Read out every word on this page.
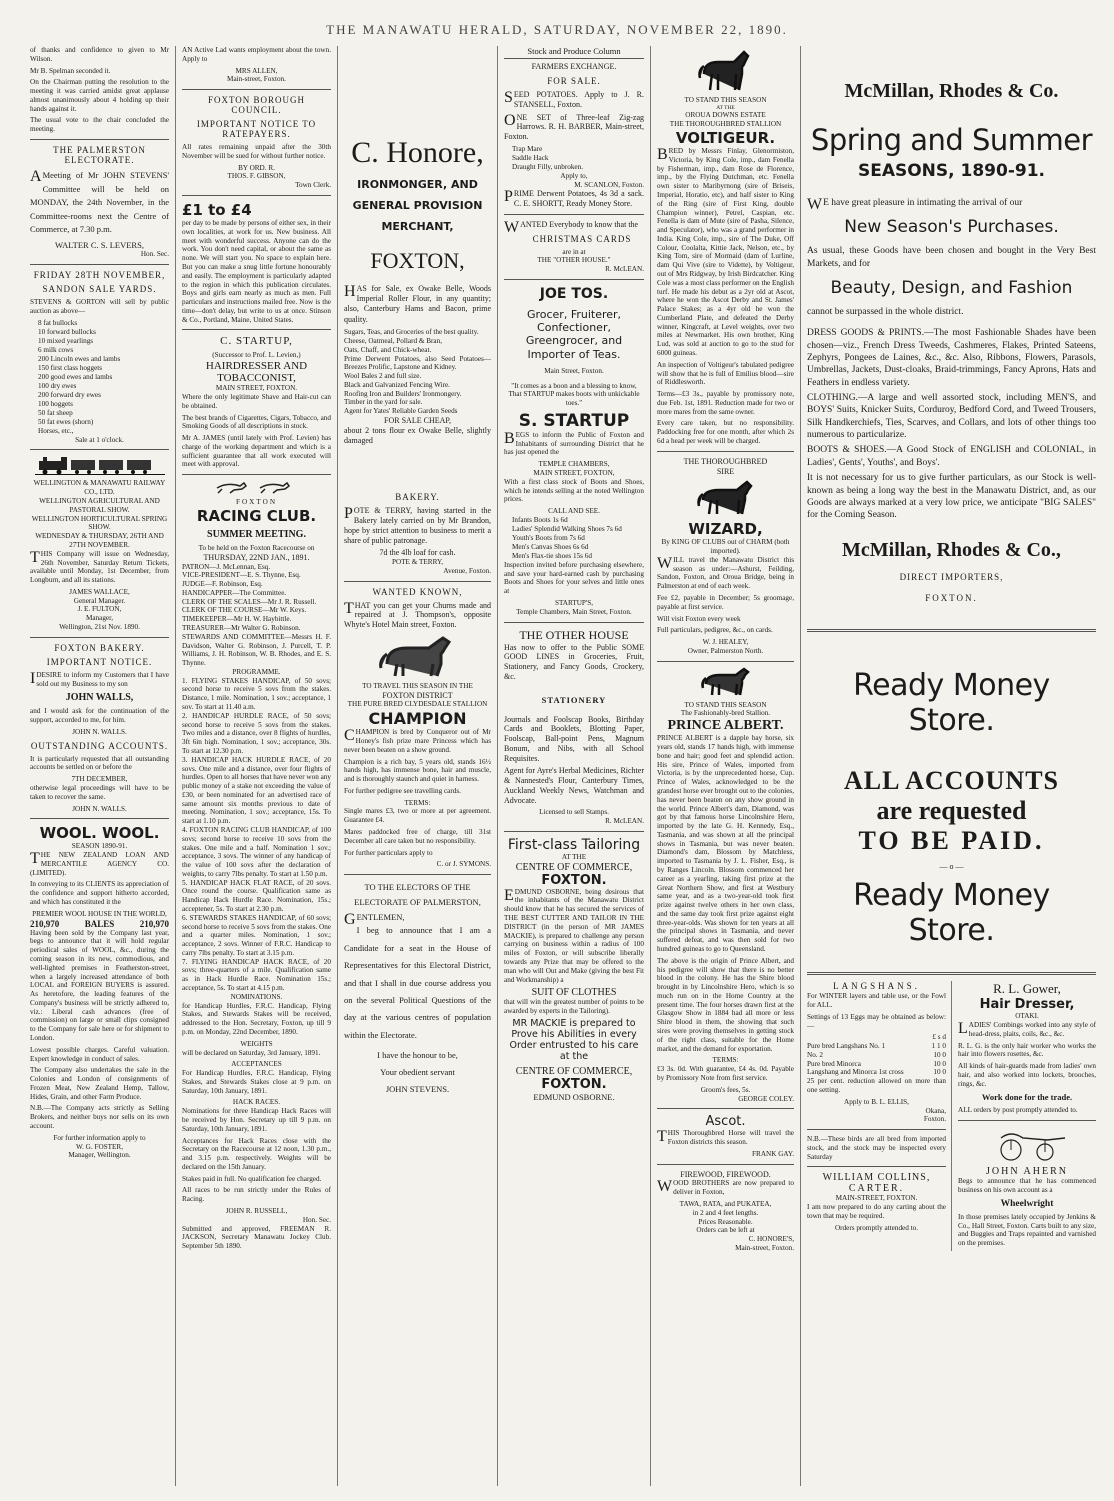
THE MANAWATU HERALD, SATURDAY, NOVEMBER 22, 1890.

of thanks and confidence to given to Mr Wilson.

Mr B. Spelman seconded it.

On the Chairman putting the resolution to the meeting it was carried amidst great applause almost unanimously about 4 holding up their hands against it.

The usual vote to the chair concluded the meeting.

THE PALMERSTON ELECTORATE.

AMeeting of Mr JOHN STEVENS' Committee will be held on MONDAY, the 24th November, in the Committee-rooms next the Centre of Commerce, at 7.30 p.m.

WALTER C. S. LEVERS,
Hon. Sec.
FRIDAY 28TH NOVEMBER,
SANDON SALE YARDS.

STEVENS & GORTON will sell by public auction as above—

8 fat bullocks
10 forward bullocks
10 mixed yearlings
6 milk cows
200 Lincoln ewes and lambs
150 first class hoggets
200 good ewes and lambs
100 dry ewes
200 forward dry ewes
100 hoggets
50 fat sheep
50 fat ewes (shorn)
Horses, etc.,
Sale at 1 o'clock.
WELLINGTON & MANAWATU RAILWAY CO., LTD.
WELLINGTON AGRICULTURAL AND PASTORAL SHOW.
WELLINGTON HORTICULTURAL SPRING SHOW.
WEDNESDAY & THURSDAY, 26TH AND 27TH NOVEMBER.

THIS Company will issue on Wednesday, 26th November, Saturday Return Tickets, available until Monday, 1st December, from Longburn, and all its stations.

JAMES WALLACE,
General Manager.
J. E. FULTON,
Manager,
Wellington, 21st Nov. 1890.
FOXTON BAKERY.
IMPORTANT NOTICE.

IDESIRE to inform my Customers that I have sold out my Business to my son

JOHN WALLS,

and I would ask for the continuation of the support, accorded to me, for him.

JOHN N. WALLS.
OUTSTANDING ACCOUNTS.

It is particularly requested that all outstanding accounts be settled on or before the

7TH DECEMBER,

otherwise legal proceedings will have to be taken to recover the same.

JOHN N. WALLS.
WOOL. WOOL.
SEASON 1890-91.

THE NEW ZEALAND LOAN AND MERCANTILE AGENCY CO. (LIMITED).

In conveying to its CLIENTS its appreciation of the confidence and support hitherto accorded, and which has constituted it the

PREMIER WOOL HOUSE IN THE WORLD,
210,970	BALES	210,970

Having been sold by the Company last year, begs to announce that it will hold regular periodical sales of WOOL, &c., during the coming season in its new, commodious, and well-lighted premises in Featherston-street, when a largely increased attendance of both LOCAL and FOREIGN BUYERS is assured. As heretofore, the leading features of the Company's business will be strictly adhered to, viz.: Liberal cash advances (free of commission) on large or small clips consigned to the Company for sale here or for shipment to London.

Lowest possible charges. Careful valuation. Expert knowledge in conduct of sales.

The Company also undertakes the sale in the Colonies and London of consignments of Frozen Meat, New Zealand Hemp, Tallow, Hides, Grain, and other Farm Produce.

N.B.—The Company acts strictly as Selling Brokers, and neither buys nor sells on its own account.

For further information apply to
W. G. FOSTER,
Manager, Wellington.

AN Active Lad wants employment about the town. Apply to

MRS ALLEN,
Main-street, Foxton.
FOXTON BOROUGH COUNCIL.
IMPORTANT NOTICE TO RATEPAYERS.

All rates remaining unpaid after the 30th November will be sued for without further notice.

BY ORD. R.
THOS. F. GIBSON,
Town Clerk.
£1 to £4

per day to be made by persons of either sex, in their own localities, at work for us. New business. All meet with wonderful success. Anyone can do the work. You don't need capital, or about the same as none. We will start you. No space to explain here. But you can make a snug little fortune honourably and easily. The employment is particularly adapted to the region in which this publication circulates. Boys and girls earn nearly as much as men. Full particulars and instructions mailed free. Now is the time—don't delay, but write to us at once. Stinson & Co., Portland, Maine, United States.

C. STARTUP,
(Successor to Prof. L. Levien,)
HAIRDRESSER AND TOBACCONIST,
MAIN STREET, FOXTON.

Where the only legitimate Shave and Hair-cut can be obtained.

The best brands of Cigarettes, Cigars, Tobacco, and Smoking Goods of all descriptions in stock.

Mr A. JAMES (until lately with Prof. Levien) has charge of the working department and which is a sufficient guarantee that all work executed will meet with approval.

FOXTON
RACING CLUB.
SUMMER MEETING.
To be held on the Foxton Racecourse on
THURSDAY, 22ND JAN., 1891.
PATRON—J. McLennan, Esq.
VICE-PRESIDENT—E. S. Thynne, Esq.
JUDGE—F. Robinson, Esq.
HANDICAPPER—The Committee.
CLERK OF THE SCALES—Mr J. R. Russell.
CLERK OF THE COURSE—Mr W. Keys.
TIMEKEEPER—Mr H. W. Haybittle.
TREASURER—Mr Walter G. Robinson.
STEWARDS AND COMMITTEE—Messrs H. F. Davidson, Walter G. Robinson, J. Purcell, T. P. Williams, J. H. Robinson, W. B. Rhodes, and E. S. Thynne.
PROGRAMME.
1. FLYING STAKES HANDICAP, of 50 sovs; second horse to receive 5 sovs from the stakes. Distance, 1 mile. Nomination, 1 sov.; acceptance, 1 sov. To start at 11.40 a.m.
2. HANDICAP HURDLE RACE, of 50 sovs; second horse to receive 5 sovs from the stakes. Two miles and a distance, over 8 flights of hurdles, 3ft 6in high. Nomination, 1 sov.; acceptance, 30s. To start at 12.30 p.m.
3. HANDICAP HACK HURDLE RACE, of 20 sovs. One mile and a distance, over four flights of hurdles. Open to all horses that have never won any public money of a stake not exceeding the value of £30, or been nominated for an advertised race of same amount six months previous to date of meeting. Nomination, 1 sov.; acceptance, 15s. To start at 1.10 p.m.
4. FOXTON RACING CLUB HANDICAP, of 100 sovs; second horse to receive 10 sovs from the stakes. One mile and a half. Nomination 1 sov.; acceptance, 3 sovs. The winner of any handicap of the value of 100 sovs after the declaration of weights, to carry 7lbs penalty. To start at 1.50 p.m.
5. HANDICAP HACK FLAT RACE, of 20 sovs. Once round the course. Qualification same as Handicap Hack Hurdle Race. Nomination, 15s.; acceptener, 5s. To start at 2.30 p.m.
6. STEWARDS STAKES HANDICAP, of 60 sovs; second horse to receive 5 sovs from the stakes. One and a quarter miles. Nomination, 1 sov.; acceptance, 2 sovs. Winner of F.R.C. Handicap to carry 7lbs penalty. To start at 3.15 p.m.
7. FLYING HANDICAP HACK RACE, of 20 sovs; three-quarters of a mile. Qualification same as in Hack Hurdle Race. Nomination 15s.; acceptance, 5s. To start at 4.15 p.m.
NOMINATIONS.

for Handicap Hurdles, F.R.C. Handicap, Flying Stakes, and Stewards Stakes will be received, addressed to the Hon. Secretary, Foxton, up till 9 p.m. on Monday, 22nd December, 1890.

WEIGHTS

will be declared on Saturday, 3rd January, 1891.

ACCEPTANCES

For Handicap Hurdles, F.R.C. Handicap, Flying Stakes, and Stewards Stakes close at 9 p.m. on Saturday, 10th January, 1891.

HACK RACES.

Nominations for three Handicap Hack Races will be received by Hon. Secretary up till 9 p.m. on Saturday, 10th January, 1891.

Acceptances for Hack Races close with the Secretary on the Racecourse at 12 noon, 1.30 p.m., and 3.15 p.m. respectively. Weights will be declared on the 15th January.

Stakes paid in full. No qualification fee charged.

All races to be run strictly under the Rules of Racing.

JOHN R. RUSSELL,
Hon. Sec.

Submitted and approved, FREEMAN R. JACKSON, Secretary Manawatu Jockey Club. September 5th 1890.

C. Honore,
IRONMONGER, AND
GENERAL PROVISION
MERCHANT,
FOXTON,

HAS for Sale, ex Owake Belle, Woods Imperial Roller Flour, in any quantity; also, Canterbury Hams and Bacon, prime quality.

Sugars, Teas, and Groceries of the best quality.
Cheese, Oatmeal, Pollard & Bran,
Oats, Chaff, and Chick-wheat.
Prime Derwent Potatoes, also Seed Potatoes—Breezes Prolific, Lapstone and Kidney.
Wool Bales 2 and full size.
Black and Galvanized Fencing Wire.
Roofing Iron and Builders' Ironmongery.
Timber in the yard for sale.
Agent for Yates' Reliable Garden Seeds
FOR SALE CHEAP,

about 2 tons flour ex Owake Belle, slightly damaged

BAKERY.

POTE & TERRY, having started in the Bakery lately carried on by Mr Brandon, hope by strict attention to business to merit a share of public patronage.

7d the 4lb loaf for cash.
POTE & TERRY,
Avenue, Foxton.
WANTED KNOWN,

THAT you can get your Churns made and repaired at J. Thompson's, opposite Whyte's Hotel Main street, Foxton.

TO TRAVEL THIS SEASON IN THE
FOXTON DISTRICT
THE PURE BRED CLYDESDALE STALLION
CHAMPION

CHAMPION is bred by Conqueror out of Mr Honey's fish prize mare Princess which has never been beaten on a show ground.

Champion is a rich bay, 5 years old, stands 16½ hands high, has immense bone, hair and muscle, and is thoroughly staunch and quiet in harness.

For further pedigree see travelling cards.

TERMS:

Single mares £3, two or more at per agreement. Guarantee £4.

Mares paddocked free of charge, till 31st December all care taken but no responsibility.

For further particulars apply to

C. or J. SYMONS.

TO THE ELECTORS OF THE ELECTORATE OF PALMERSTON,

GENTLEMEN,

I beg to announce that I am a Candidate for a seat in the House of Representatives for this Electoral District, and that I shall in due course address you on the several Political Questions of the day at the various centres of population within the Electorate.

I have the honour to be,
Your obedient servant
JOHN STEVENS.
Stock and Produce Column
FARMERS EXCHANGE.
FOR SALE.

SEED POTATOES. Apply to J. R. STANSELL, Foxton.

ONE SET of Three-leaf Zig-zag Harrows. R. H. BARBER, Main-street, Foxton.

Trap Mare
Saddle Hack
Draught Filly, unbroken.
Apply to,
M. SCANLON, Foxton.

PRIME Derwent Potatoes, 4s 3d a sack. C. E. SHORTT, Ready Money Store.

WANTED Everybody to know that the

CHRISTMAS CARDS
are in at
THE "OTHER HOUSE."
R. McLEAN.
JOE TOS.
Grocer, Fruiterer, Confectioner, Greengrocer, and Importer of Teas.
Main Street, Foxton.

"It comes as a boon and a blessing to know, That STARTUP makes boots with unkickable toes."

S. STARTUP

BEGS to inform the Public of Foxton and Inhabitants of surrounding District that he has just opened the

TEMPLE CHAMBERS,
MAIN STREET, FOXTON,

With a first class stock of Boots and Shoes, which he intends selling at the noted Wellington prices.

CALL AND SEE.
Infants Boots 1s 6d
Ladies' Splendid Walking Shoes 7s 6d
Youth's Boots from 7s 6d
Men's Canvas Shoes 6s 6d
Men's Flax-tie shoes 15s 6d

Inspection invited before purchasing elsewhere, and save your hard-earned cash by purchasing Boots and Shoes for your selves and little ones at

STARTUP'S,
Temple Chambers, Main Street, Foxton.
THE OTHER HOUSE

Has now to offer to the Public SOME GOOD LINES in Groceries, Fruit, Stationery, and Fancy Goods, Crockery, &c.

STATIONERY

Journals and Foolscap Books, Birthday Cards and Booklets, Blotting Paper, Foolscap, Ball-point Pens, Magnum Bonum, and Nibs, with all School Requisites.

Agent for Ayre's Herbal Medicines, Richter & Nannested's Flour, Canterbury Times, Auckland Weekly News, Watchman and Advocate.

Licensed to sell Stamps.
R. McLEAN.
First-class Tailoring
AT THE
CENTRE OF COMMERCE,
FOXTON.

EDMUND OSBORNE, being desirous that the inhabitants of the Manawatu District should know that he has secured the services of THE BEST CUTTER AND TAILOR IN THE DISTRICT (in the person of MR JAMES MACKIE), is prepared to challenge any person carrying on business within a radius of 100 miles of Foxton, or will subscribe liberally towards any Prize that may be offered to the man who will Out and Make (giving the best Fit and Workmanship) a

SUIT OF CLOTHES

that will win the greatest number of points to be awarded by experts in the Tailoring).

MR MACKIE is prepared to Prove his Abilities in every Order entrusted to his care at the

CENTRE OF COMMERCE,
FOXTON.
EDMUND OSBORNE.
TO STAND THIS SEASON
AT THE
OROUA DOWNS ESTATE
THE THOROUGHBRED STALLION
VOLTIGEUR.

BRED by Messrs Finlay, Glenormiston, Victoria, by King Cole, imp., dam Fenella by Fisherman, imp., dam Rose de Florence, imp., by the Flying Dutchman, etc. Fenella own sister to Maribyrnong (sire of Briseis, Imperial, Horatio, etc), and half sister to King of the Ring (sire of First King, double Champion winner), Petrel, Caspian, etc. Fenella is dam of Mute (sire of Pasha, Silence, and Speculator), who was a grand performer in India. King Cole, imp., sire of The Duke, Off Colour, Coolalta, Kittie Jack, Nelson, etc., by King Tom, sire of Mormaid (dam of Lurline, dam Qui Vive (sire to Vidette), by Voltigeur, out of Mrs Ridgway, by Irish Birdcatcher. King Cole was a most class performer on the English turf. He made his debut as a 2yr old at Ascot, where he won the Ascot Derby and St. James' Palace Stakes; as a 4yr old he won the Cumberland Plate, and defeated the Derby winner, Kingcraft, at Level weights, over two miles at Newmarket. His own brother, King Lud, was sold at auction to go to the stud for 6000 guineas.

An inspection of Voltigeur's tabulated pedigree will show that he is full of Emilius blood—sire of Riddlesworth.

Terms—£3 3s., payable by promissory note, due Feb. 1st, 1891. Reduction made for two or more mares from the same owner.

Every care taken, but no responsibility. Paddocking free for one month, after which 2s 6d a head per week will be charged.

THE THOROUGHBRED
SIRE
WIZARD,
By KING OF CLUBS out of CHARM (both imported).

WILL travel the Manawatu District this season as under:—Ashurst, Feilding, Sandon, Foxton, and Oroua Bridge, being in Palmerston at end of each week.

Fee £2, payable in December; 5s groomage, payable at first service.

Will visit Foxton every week

Full particulars, pedigree, &c., on cards.

W. J. HEALEY,
Owner, Palmerston North.
TO STAND THIS SEASON
The Fashionably-bred Stallion.
PRINCE ALBERT.

PRINCE ALBERT is a dapple bay horse, six years old, stands 17 hands high, with immense bone and hair; good feet and splendid action. His sire, Prince of Wales, imported from Victoria, is by the unprecedented horse, Cup. Prince of Wales, acknowledged to be the grandest horse ever brought out to the colonies, has never been beaten on any show ground in the world. Prince Albert's dam, Diamond, was got by that famous horse Lincolnshire Hero, imported by the late G. H. Kennedy, Esq., Tasmania, and was shown at all the principal shows in Tasmania, but was never beaten. Diamond's dam, Blossom by Matchless, imported to Tasmania by J. L. Fisher, Esq., is by Ranges Lincoln. Blossom commenced her career as a yearling, taking first prize at the Great Northern Show, and first at Westbury same year, and as a two-year-old took first prize against twelve others in her own class, and the same day took first prize against eight three-year-olds. Was shown for ten years at all the principal shows in Tasmania, and never suffered defeat, and was then sold for two hundred guineas to go to Queensland.

The above is the origin of Prince Albert, and his pedigree will show that there is no better blood in the colony. He has the Shire blood brought in by Lincolnshire Hero, which is so much run on in the Home Country at the present time. The four horses drawn first at the Glasgow Show in 1884 had all more or less Shire blood in them, the showing that such sires were proving themselves in getting stock of the right class, suitable for the Home market, and the demand for exportation.

TERMS:

£3 3s. 0d. With guarantee, £4 4s. 0d. Payable by Promissory Note from first service.

Groom's fees, 5s.
GEORGE COLEY.
Ascot.

THIS Thoroughbred Horse will travel the Foxton districts this season.

FRANK GAY.
FIREWOOD, FIREWOOD.

WOOD BROTHERS are now prepared to deliver in Foxton,

TAWA, RATA, and PUKATEA,
in 2 and 4 feet lengths.
Prices Reasonable.
Orders can be left at
C. HONORE'S,
Main-street, Foxton.
McMillan, Rhodes & Co.
Spring and Summer
SEASONS, 1890-91.

WE have great pleasure in intimating the arrival of our

New Season's Purchases.

As usual, these Goods have been chosen and bought in the Very Best Markets, and for

Beauty, Design, and Fashion

cannot be surpassed in the whole district.

DRESS GOODS & PRINTS.—The most Fashionable Shades have been chosen—viz., French Dress Tweeds, Cashmeres, Flakes, Printed Sateens, Zephyrs, Pongees de Laines, &c., &c. Also, Ribbons, Flowers, Parasols, Umbrellas, Jackets, Dust-cloaks, Braid-trimmings, Fancy Aprons, Hats and Feathers in endless variety.

CLOTHING.—A large and well assorted stock, including MEN'S, and BOYS' Suits, Knicker Suits, Corduroy, Bedford Cord, and Tweed Trousers, Silk Handkerchiefs, Ties, Scarves, and Collars, and lots of other things too numerous to particularize.

BOOTS & SHOES.—A Good Stock of ENGLISH and COLONIAL, in Ladies', Gents', Youths', and Boys'.

It is not necessary for us to give further particulars, as our Stock is well-known as being a long way the best in the Manawatu District, and, as our Goods are always marked at a very low price, we anticipate "BIG SALES" for the Coming Season.

McMillan, Rhodes & Co.,
DIRECT IMPORTERS,
FOXTON.
Ready Money Store.
ALL ACCOUNTS
are requested
TO BE PAID.
— o —
Ready Money Store.
LANGSHANS.

For WINTER layers and table use, or the Fowl for ALL.

Settings of 13 Eggs may be obtained as below:—

£ s d
Pure bred Langshans No. 1	1 1 0
No. 2	10 0
Pure bred Minorca	10 0
Langshang and Minorca 1st cross	10 0

25 per cent. reduction allowed on more than one setting.

Apply to B. L. ELLIS,
Okana,
Foxton.

N.B.—These birds are all bred from imported stock, and the stock may be inspected every Saturday

WILLIAM COLLINS,
CARTER.
MAIN-STREET, FOXTON.

I am now prepared to do any carting about the town that may be required.

Orders promptly attended to.
R. L. Gower,
Hair Dresser,
OTAKI.

LADIES' Combings worked into any style of head-dress, plaits, coils, &c., &c.

R. L. G. is the only hair worker who works the hair into flowers rosettes, &c.

All kinds of hair-guards made from ladies' own hair, and also worked into lockets, brooches, rings, &c.

Work done for the trade.

ALL orders by post promptly attended to.

JOHN AHERN

Begs to announce that he has commenced business on his own account as a

Wheelwright

In those premises lately occupied by Jenkins & Co., Hall Street, Foxton. Carts built to any size, and Buggies and Traps repainted and varnished on the premises.
